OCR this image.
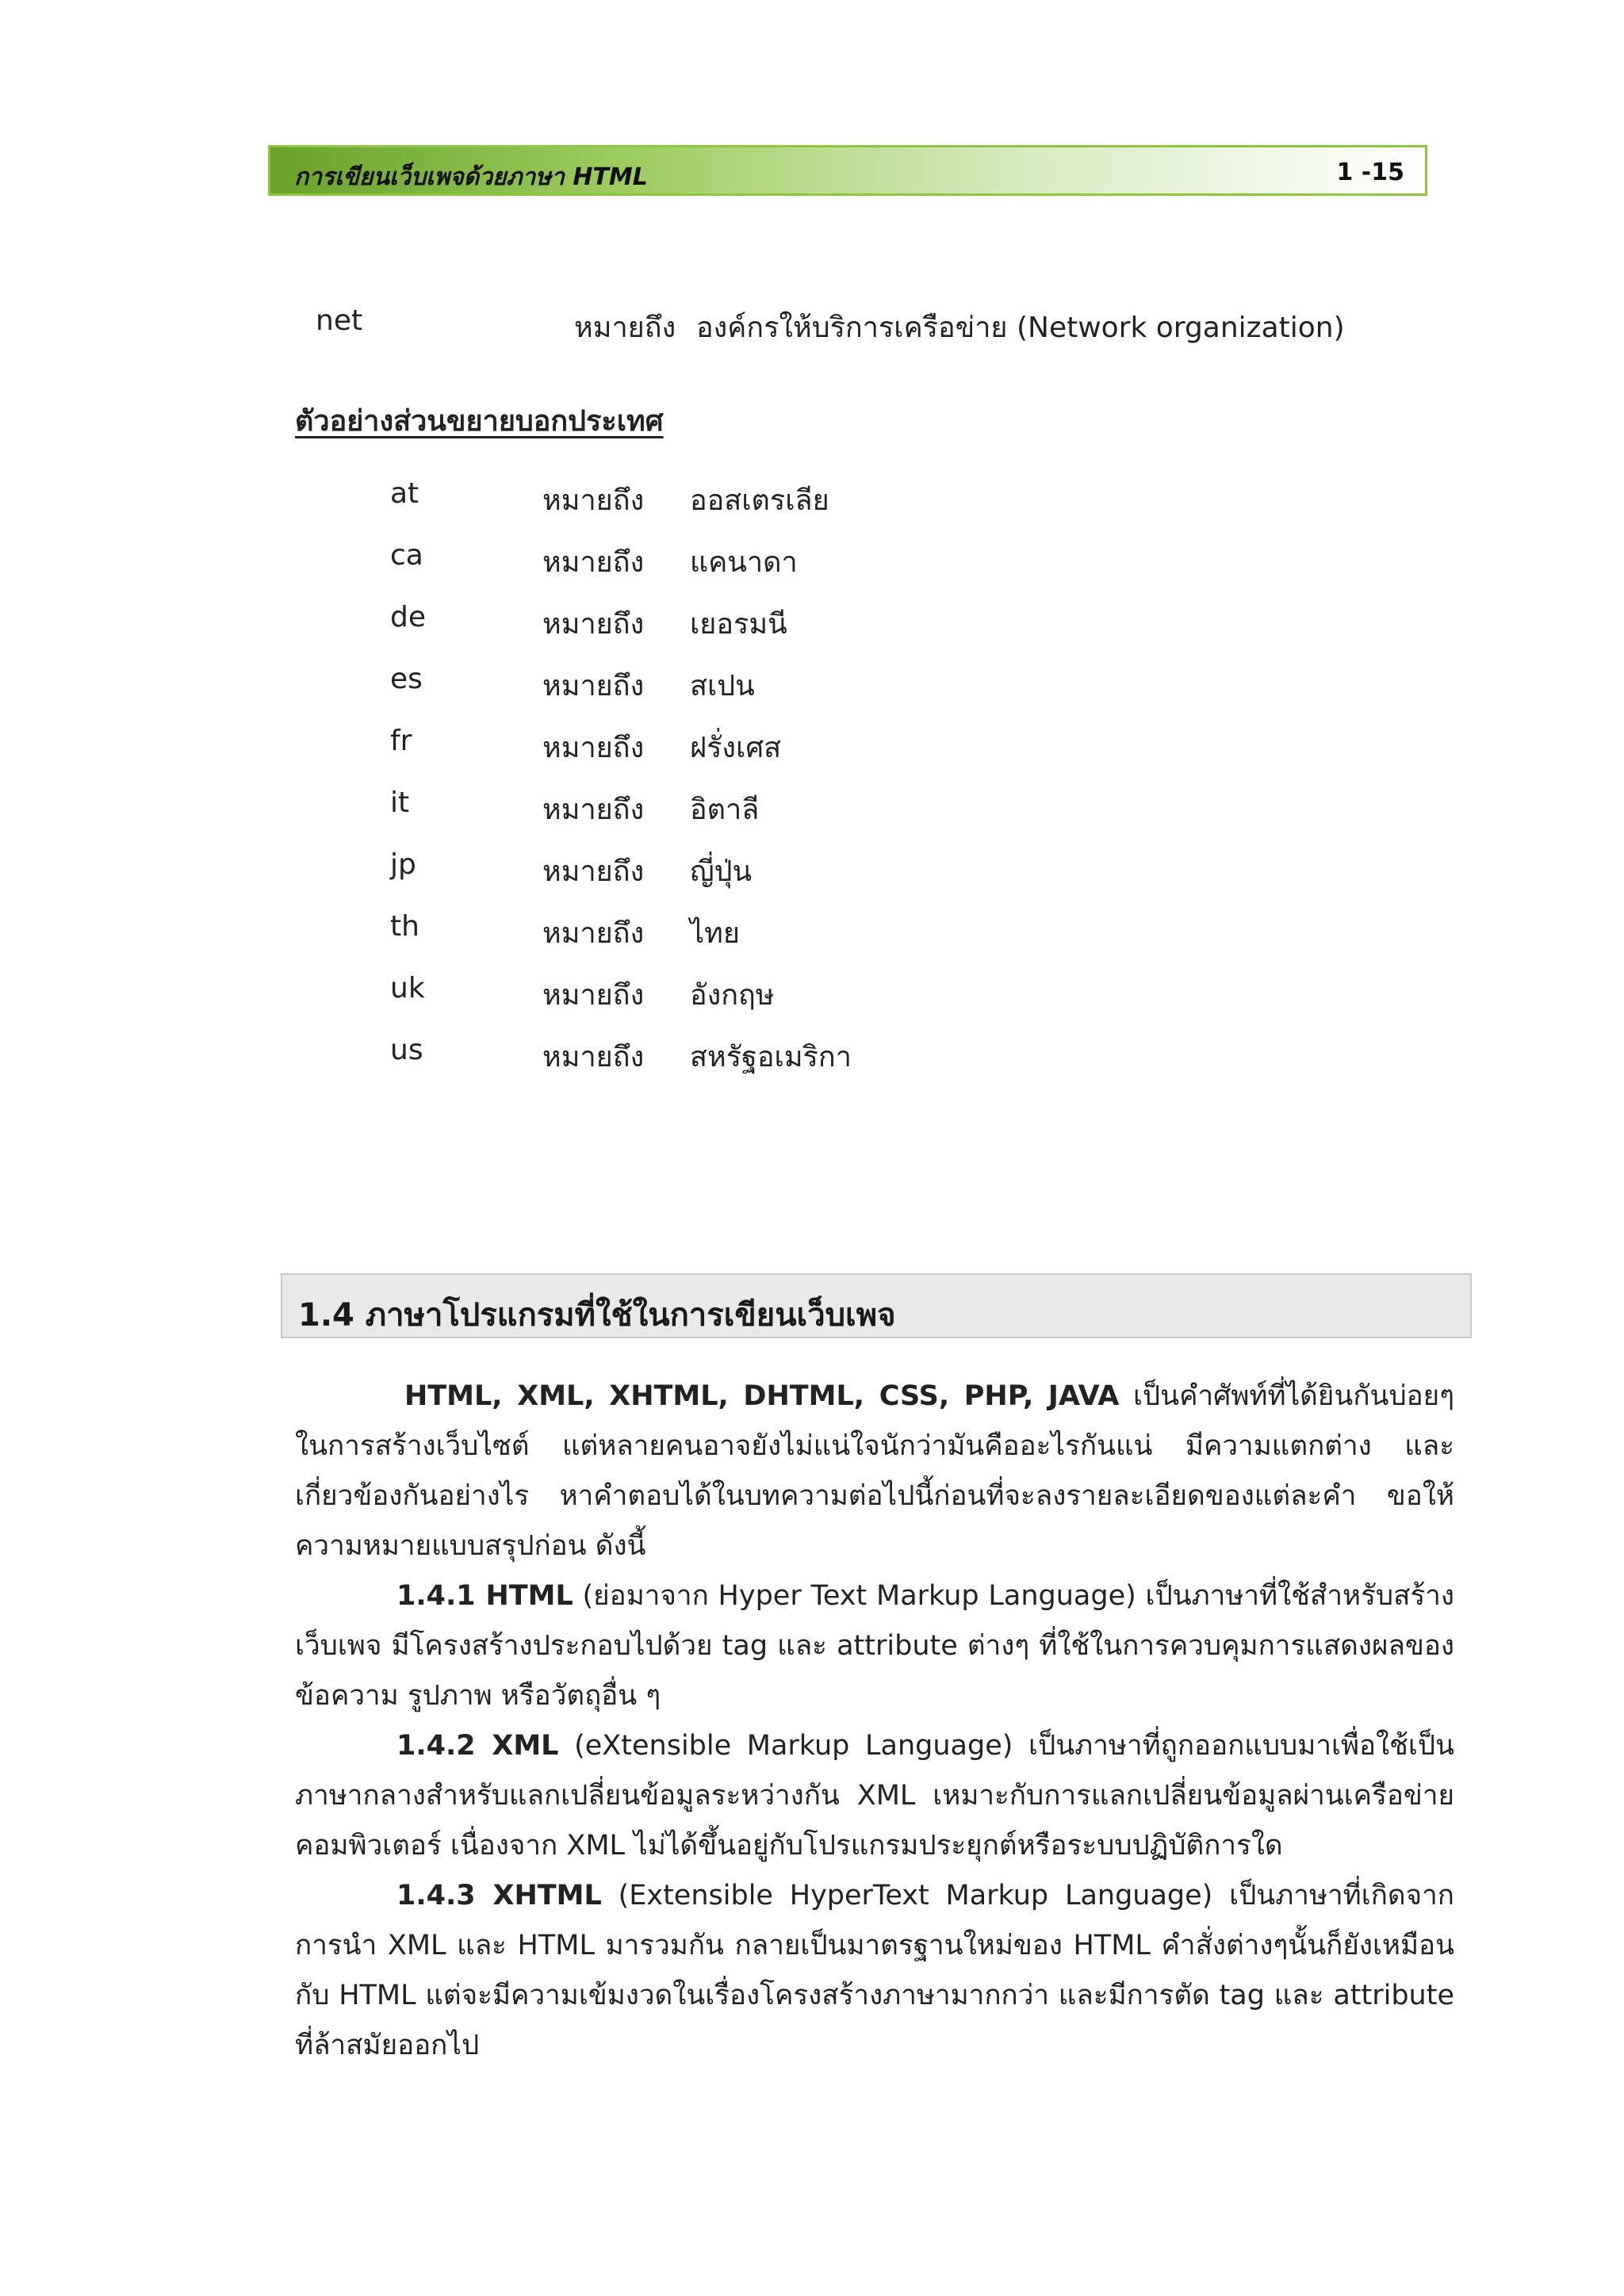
การเขียนเว็บเพจด้วยภาษา HTML	1 -15
net	หมายถึง องค์กรให้บริการเครือข่าย (Network organization)
ตัวอย่างส่วนขยายบอกประเทศ
at	หมายถึง ออสเตรเลีย
ca	หมายถึง แคนาดา
de	หมายถึง เยอรมนี
es	หมายถึง สเปน
fr	หมายถึง ฝรั่งเศส
it	หมายถึง อิตาลี
jp	หมายถึง ญี่ปุ่น
th	หมายถึง ไทย
uk	หมายถึง อังกฤษ
us	หมายถึง สหรัฐอเมริกา
1.4 ภาษาโปรแกรมที่ใช้ในการเขียนเว็บเพจ

HTML, XML, XHTML, DHTML, CSS, PHP, JAVA เป็นคำศัพท์ที่ได้ยินกันบ่อยๆ ในการสร้างเว็บไซต์ แต่หลายคนอาจยังไม่แน่ใจนักว่ามันคืออะไรกันแน่ มีความแตกต่าง และเกี่ยวข้องกันอย่างไร หาคำตอบได้ในบทความต่อไปนี้ก่อนที่จะลงรายละเอียดของแต่ละคำ ขอให้ความหมายแบบสรุปก่อน ดังนี้

1.4.1 HTML (ย่อมาจาก Hyper Text Markup Language) เป็นภาษาที่ใช้สำหรับสร้างเว็บเพจ มีโครงสร้างประกอบไปด้วย tag และ attribute ต่างๆ ที่ใช้ในการควบคุมการแสดงผลของข้อความ รูปภาพ หรือวัตถุอื่น ๆ

1.4.2 XML (eXtensible Markup Language) เป็นภาษาที่ถูกออกแบบมาเพื่อใช้เป็นภาษากลางสำหรับแลกเปลี่ยนข้อมูลระหว่างกัน XML เหมาะกับการแลกเปลี่ยนข้อมูลผ่านเครือข่ายคอมพิวเตอร์ เนื่องจาก XML ไม่ได้ขึ้นอยู่กับโปรแกรมประยุกต์หรือระบบปฏิบัติการใด

1.4.3 XHTML (Extensible HyperText Markup Language) เป็นภาษาที่เกิดจากการนำ XML และ HTML มารวมกัน กลายเป็นมาตรฐานใหม่ของ HTML คำสั่งต่างๆนั้นก็ยังเหมือนกับ HTML แต่จะมีความเข้มงวดในเรื่องโครงสร้างภาษามากกว่า และมีการตัด tag และ attribute ที่ล้าสมัยออกไป
